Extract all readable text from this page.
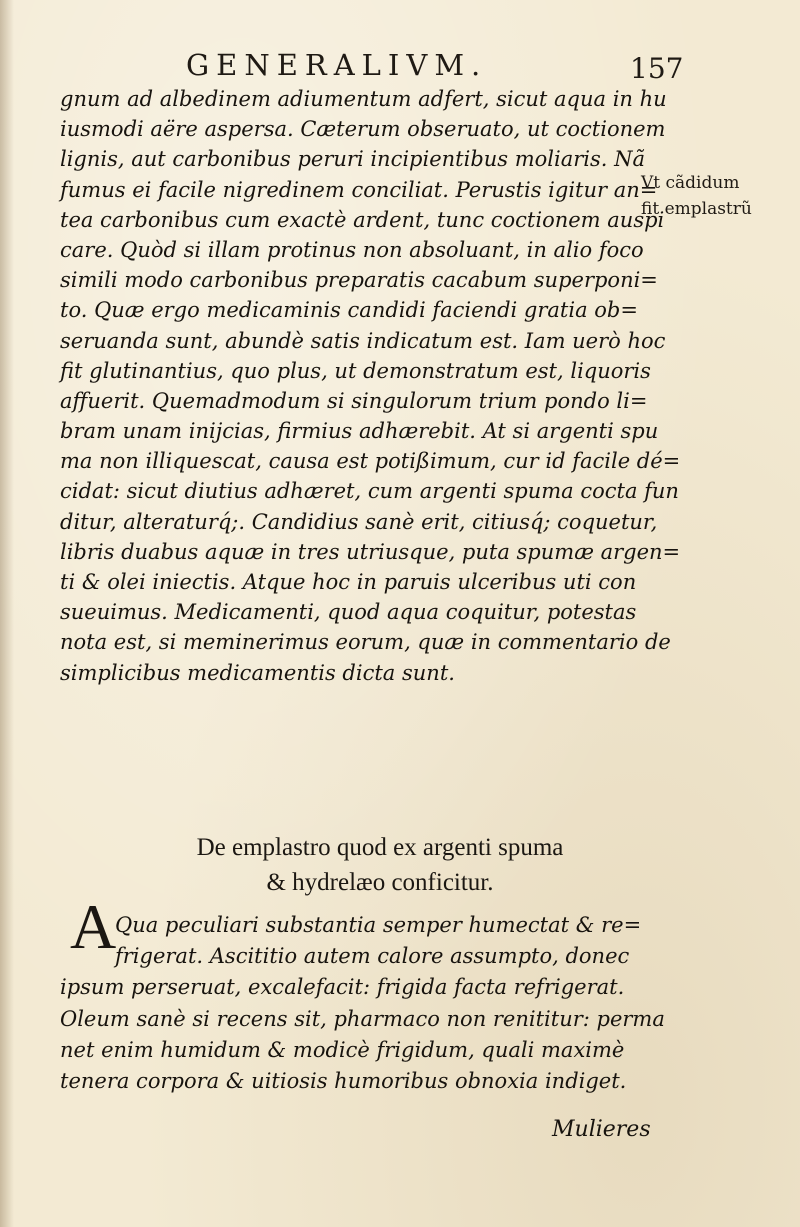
GENERALIVM.	157
gnum ad albedinem adiumentum adfert, sicut aqua in hu
iusmodi aëre aspersa. Cæterum obseruato, ut coctionem
lignis, aut carbonibus peruri incipientibus moliaris. Nã
fumus ei facile nigredinem conciliat. Perustis igitur an=
tea carbonibus cum exactè ardent, tunc coctionem auspi
care. Quòd si illam protinus non absoluant, in alio foco
simili modo carbonibus preparatis cacabum superponi=
to. Quæ ergo medicaminis candidi faciendi gratia ob=
seruanda sunt, abundè satis indicatum est. Iam uerò hoc
fit glutinantius, quo plus, ut demonstratum est, liquoris
affuerit. Quemadmodum si singulorum trium pondo li=
bram unam inijcias, firmius adhærebit. At si argenti spu
ma non illiquescat, causa est potißimum, cur id facile dé=
cidat: sicut diutius adhæret, cum argenti spuma cocta fun
ditur, alteraturq́;. Candidius sanè erit, citiusq́; coquetur,
libris duabus aquæ in tres utriusque, puta spumæ argen=
ti & olei iniectis. Atque hoc in paruis ulceribus uti con
sueuimus. Medicamenti, quod aqua coquitur, potestas
nota est, si meminerimus eorum, quæ in commentario de
simplicibus medicamentis dicta sunt.
Vt cãdidum
fit emplastrũ
De emplastro quod ex argenti spuma
& hydrelæo conficitur.
A
Qua peculiari substantia semper humectat & re=
frigerat. Ascititio autem calore assumpto, donec
ipsum perseruat, excalefacit: frigida facta refrigerat.
Oleum sanè si recens sit, pharmaco non renititur: perma
net enim humidum & modicè frigidum, quali maximè
tenera corpora & uitiosis humoribus obnoxia indiget.
Mulieres
